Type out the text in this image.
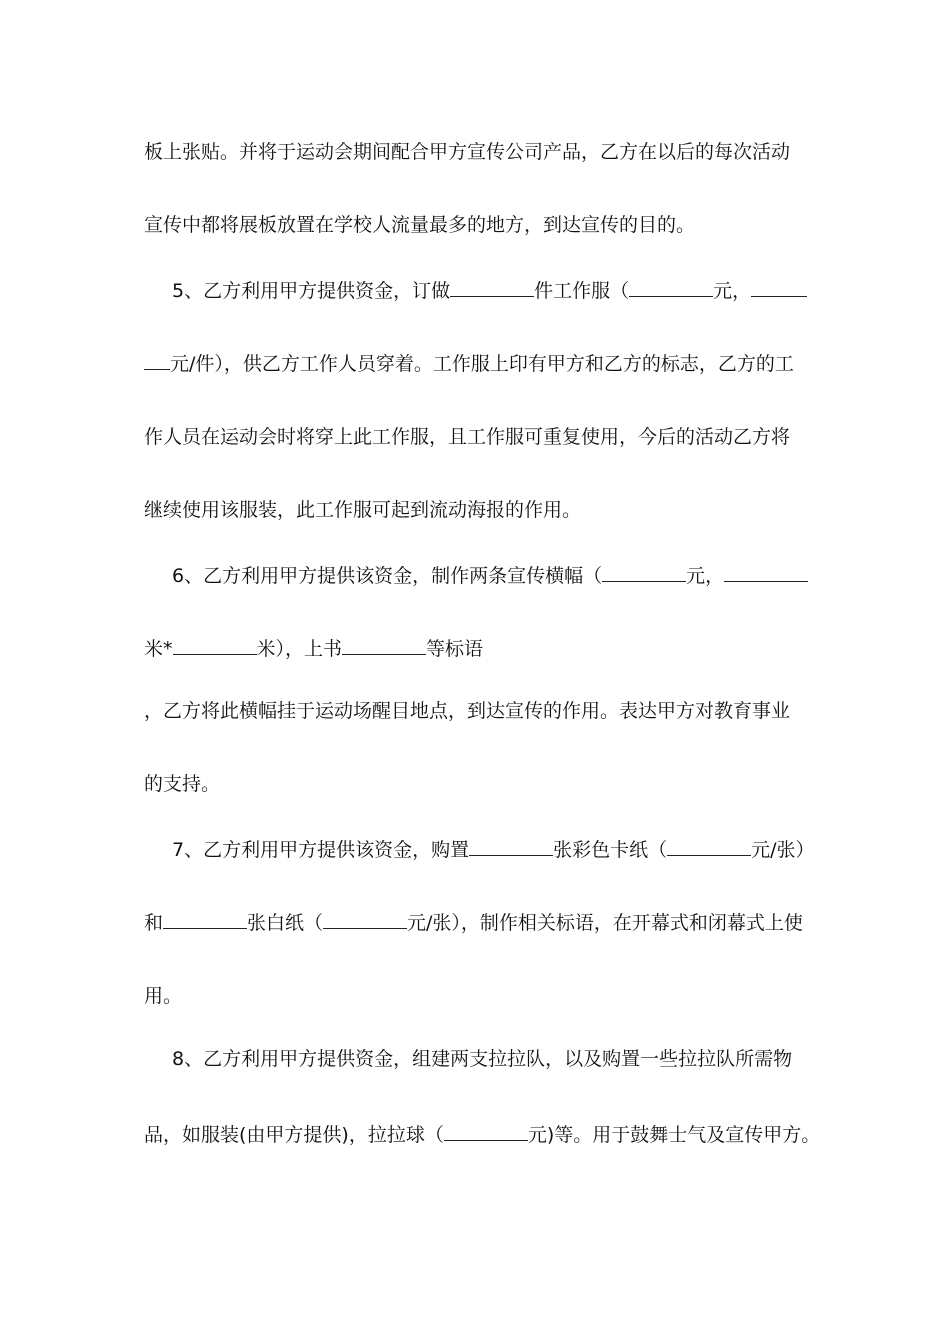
板上张贴。并将于运动会期间配合甲方宣传公司产品，乙方在以后的每次活动
宣传中都将展板放置在学校人流量最多的地方，到达宣传的目的。
5、乙方利用甲方提供资金，订做	件工作服（	元，
元/件），供乙方工作人员穿着。工作服上印有甲方和乙方的标志，乙方的工
作人员在运动会时将穿上此工作服，且工作服可重复使用，今后的活动乙方将
继续使用该服装，此工作服可起到流动海报的作用。
6、乙方利用甲方提供该资金，制作两条宣传横幅（	元，
米*	米），上书	等标语
，乙方将此横幅挂于运动场醒目地点，到达宣传的作用。表达甲方对教育事业
的支持。
7、乙方利用甲方提供该资金，购置	张彩色卡纸（	元/张）
和	张白纸（	元/张），制作相关标语，在开幕式和闭幕式上使
用。
8、乙方利用甲方提供资金，组建两支拉拉队，以及购置一些拉拉队所需物
品，如服装(由甲方提供)，拉拉球（	元)等。用于鼓舞士气及宣传甲方。
